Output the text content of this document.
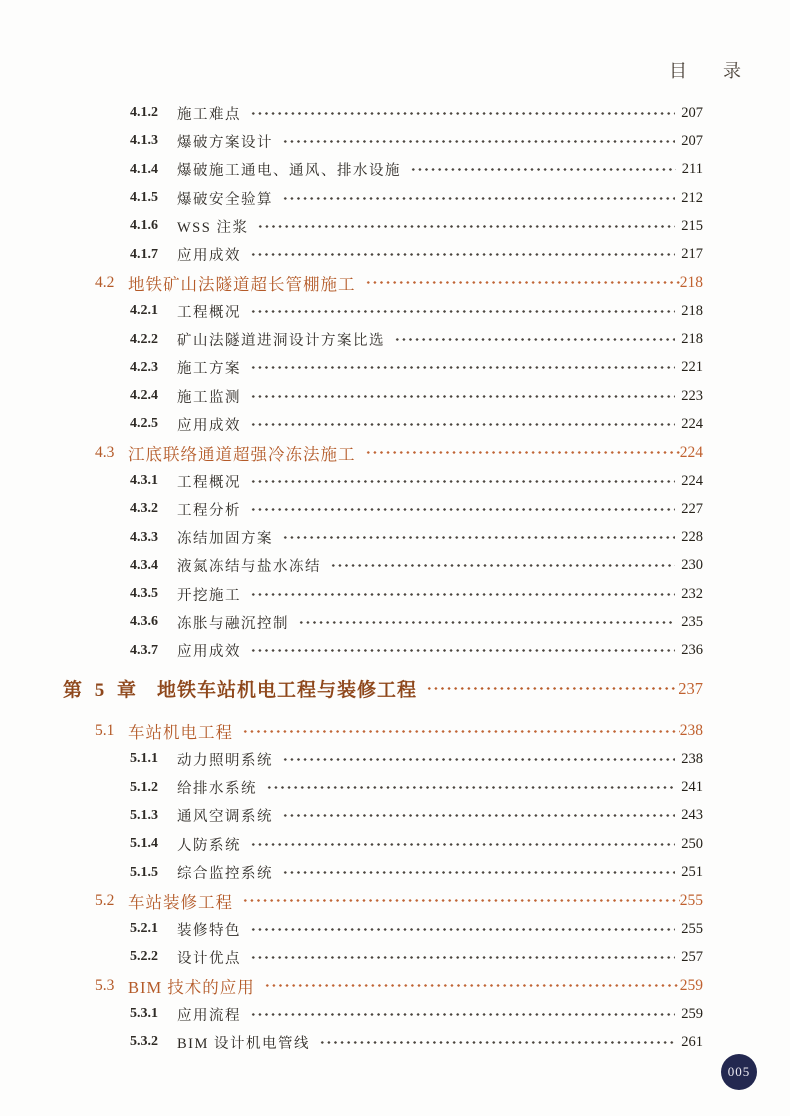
目　录
4.1.2	施工难点	207
4.1.3	爆破方案设计	207
4.1.4	爆破施工通电、通风、排水设施	211
4.1.5	爆破安全验算	212
4.1.6	WSS 注浆	215
4.1.7	应用成效	217
4.2 地铁矿山法隧道超长管棚施工	218
4.2.1	工程概况	218
4.2.2	矿山法隧道进洞设计方案比选	218
4.2.3	施工方案	221
4.2.4	施工监测	223
4.2.5	应用成效	224
4.3 江底联络通道超强冷冻法施工	224
4.3.1	工程概况	224
4.3.2	工程分析	227
4.3.3	冻结加固方案	228
4.3.4	液氮冻结与盐水冻结	230
4.3.5	开挖施工	232
4.3.6	冻胀与融沉控制	235
4.3.7	应用成效	236
第 5 章 地铁车站机电工程与装修工程	237
5.1 车站机电工程	238
5.1.1	动力照明系统	238
5.1.2	给排水系统	241
5.1.3	通风空调系统	243
5.1.4	人防系统	250
5.1.5	综合监控系统	251
5.2 车站装修工程	255
5.2.1	装修特色	255
5.2.2	设计优点	257
5.3 BIM 技术的应用	259
5.3.1	应用流程	259
5.3.2	BIM 设计机电管线	261
005
